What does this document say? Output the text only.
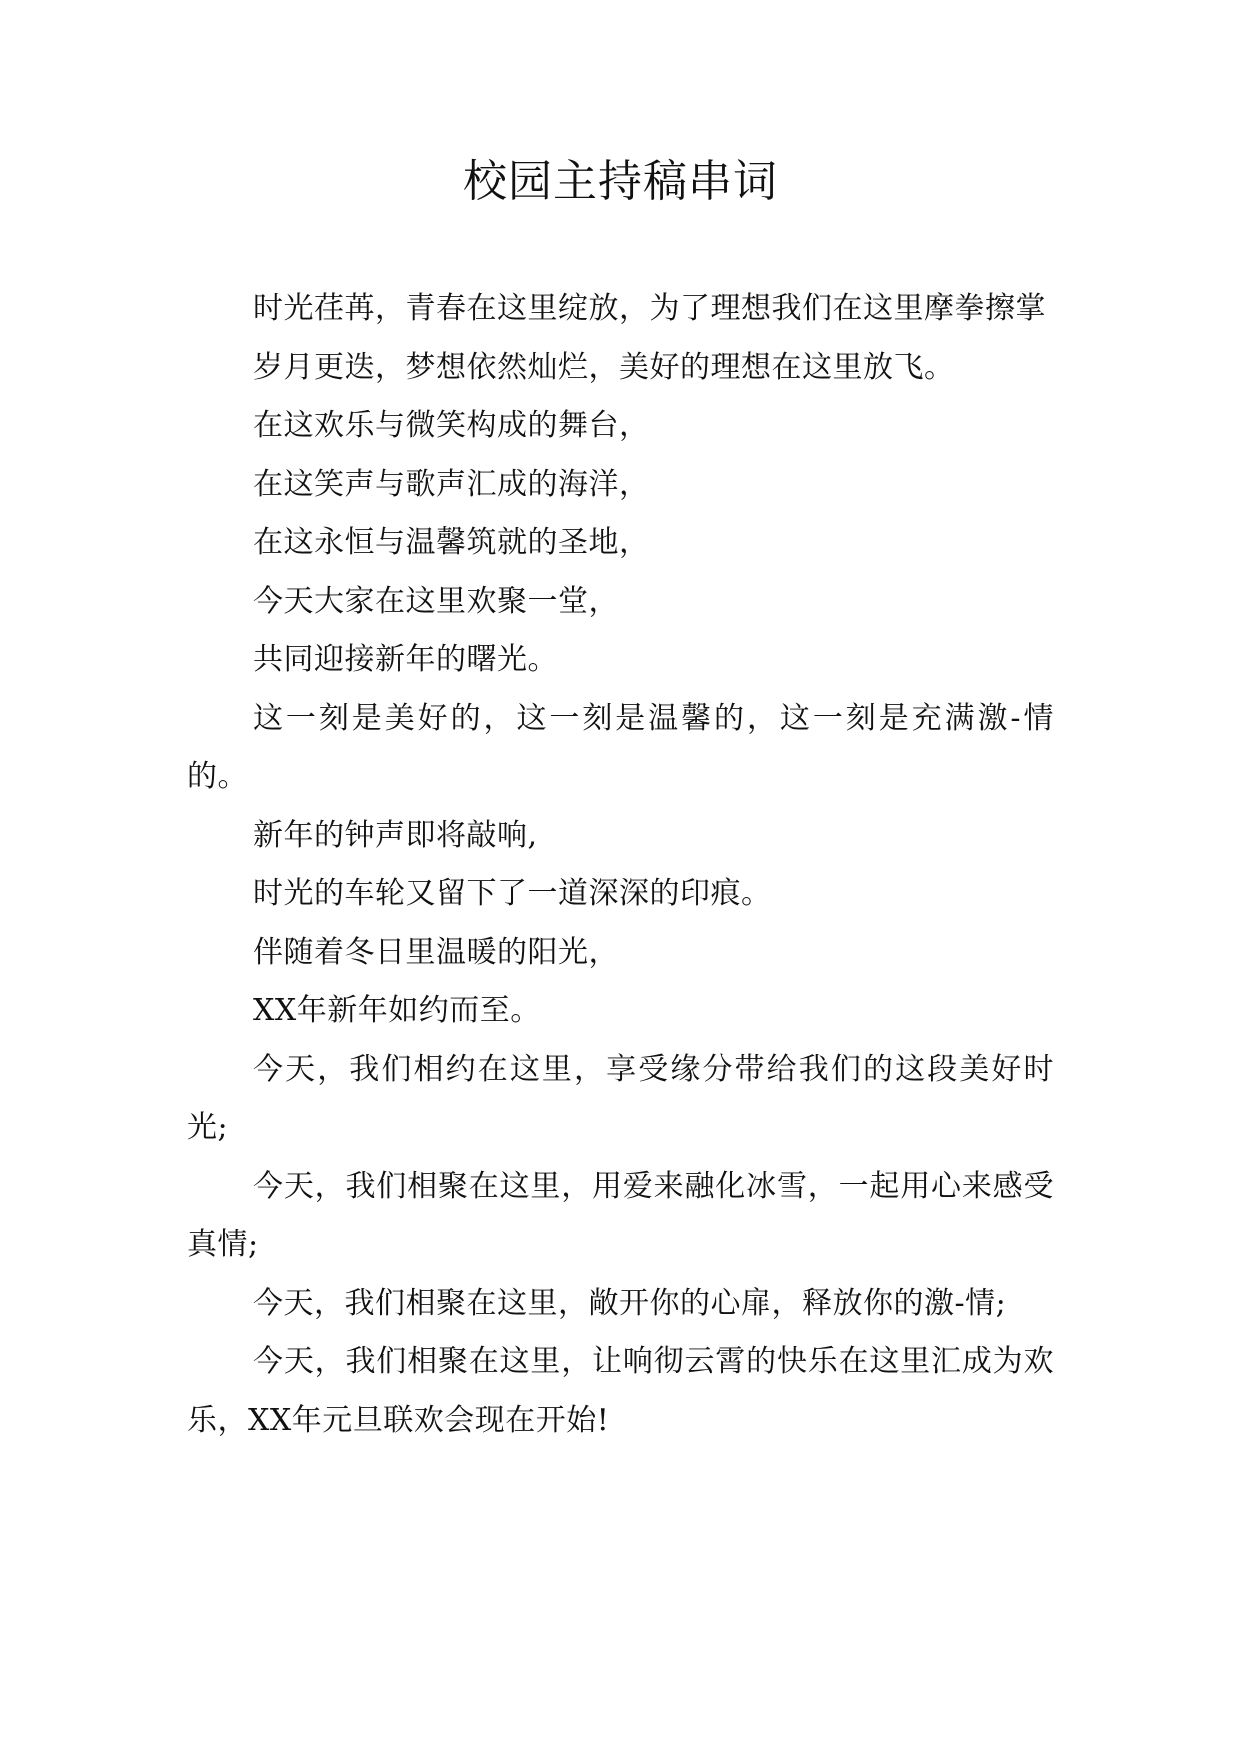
校园主持稿串词

时光荏苒，青春在这里绽放，为了理想我们在这里摩拳擦掌

岁月更迭，梦想依然灿烂，美好的理想在这里放飞。

在这欢乐与微笑构成的舞台，

在这笑声与歌声汇成的海洋，

在这永恒与温馨筑就的圣地，

今天大家在这里欢聚一堂，

共同迎接新年的曙光。

这一刻是美好的，这一刻是温馨的，这一刻是充满激-情的。

新年的钟声即将敲响,

时光的车轮又留下了一道深深的印痕。

伴随着冬日里温暖的阳光，

XX年新年如约而至。

今天，我们相约在这里，享受缘分带给我们的这段美好时光;

今天，我们相聚在这里，用爱来融化冰雪，一起用心来感受真情;

今天，我们相聚在这里，敞开你的心扉，释放你的激-情;

今天，我们相聚在这里，让响彻云霄的快乐在这里汇成为欢乐，XX年元旦联欢会现在开始!
